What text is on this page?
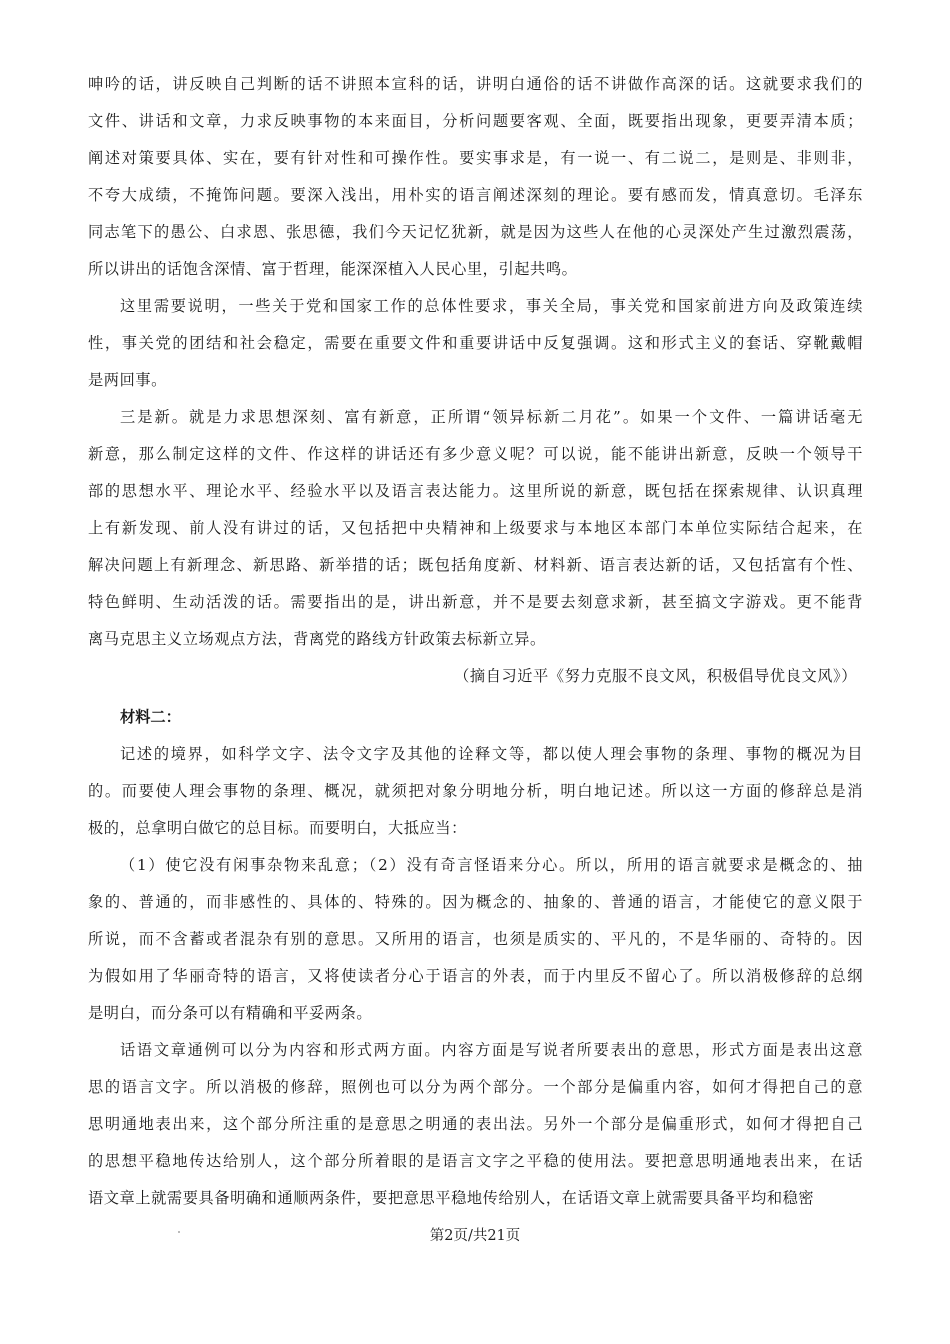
呻吟的话，讲反映自己判断的话不讲照本宣科的话，讲明白通俗的话不讲做作高深的话。这就要求我们的
文件、讲话和文章，力求反映事物的本来面目，分析问题要客观、全面，既要指出现象，更要弄清本质；
阐述对策要具体、实在，要有针对性和可操作性。要实事求是，有一说一、有二说二，是则是、非则非，
不夸大成绩，不掩饰问题。要深入浅出，用朴实的语言阐述深刻的理论。要有感而发，情真意切。毛泽东
同志笔下的愚公、白求恩、张思德，我们今天记忆犹新，就是因为这些人在他的心灵深处产生过激烈震荡，
所以讲出的话饱含深情、富于哲理，能深深植入人民心里，引起共鸣。
这里需要说明，一些关于党和国家工作的总体性要求，事关全局，事关党和国家前进方向及政策连续
性，事关党的团结和社会稳定，需要在重要文件和重要讲话中反复强调。这和形式主义的套话、穿靴戴帽
是两回事。
三是新。就是力求思想深刻、富有新意，正所谓“领异标新二月花”。如果一个文件、一篇讲话毫无
新意，那么制定这样的文件、作这样的讲话还有多少意义呢？可以说，能不能讲出新意，反映一个领导干
部的思想水平、理论水平、经验水平以及语言表达能力。这里所说的新意，既包括在探索规律、认识真理
上有新发现、前人没有讲过的话，又包括把中央精神和上级要求与本地区本部门本单位实际结合起来，在
解决问题上有新理念、新思路、新举措的话；既包括角度新、材料新、语言表达新的话，又包括富有个性、
特色鲜明、生动活泼的话。需要指出的是，讲出新意，并不是要去刻意求新，甚至搞文字游戏。更不能背
离马克思主义立场观点方法，背离党的路线方针政策去标新立异。
（摘自习近平《努力克服不良文风，积极倡导优良文风》）
材料二：
记述的境界，如科学文字、法令文字及其他的诠释文等，都以使人理会事物的条理、事物的概况为目
的。而要使人理会事物的条理、概况，就须把对象分明地分析，明白地记述。所以这一方面的修辞总是消
极的，总拿明白做它的总目标。而要明白，大抵应当：
（1）使它没有闲事杂物来乱意；（2）没有奇言怪语来分心。所以，所用的语言就要求是概念的、抽
象的、普通的，而非感性的、具体的、特殊的。因为概念的、抽象的、普通的语言，才能使它的意义限于
所说，而不含蓄或者混杂有别的意思。又所用的语言，也须是质实的、平凡的，不是华丽的、奇特的。因
为假如用了华丽奇特的语言，又将使读者分心于语言的外表，而于内里反不留心了。所以消极修辞的总纲
是明白，而分条可以有精确和平妥两条。
话语文章通例可以分为内容和形式两方面。内容方面是写说者所要表出的意思，形式方面是表出这意
思的语言文字。所以消极的修辞，照例也可以分为两个部分。一个部分是偏重内容，如何才得把自己的意
思明通地表出来，这个部分所注重的是意思之明通的表出法。另外一个部分是偏重形式，如何才得把自己
的思想平稳地传达给别人，这个部分所着眼的是语言文字之平稳的使用法。要把意思明通地表出来，在话
语文章上就需要具备明确和通顺两条件，要把意思平稳地传给别人，在话语文章上就需要具备平均和稳密
第2页/共21页
